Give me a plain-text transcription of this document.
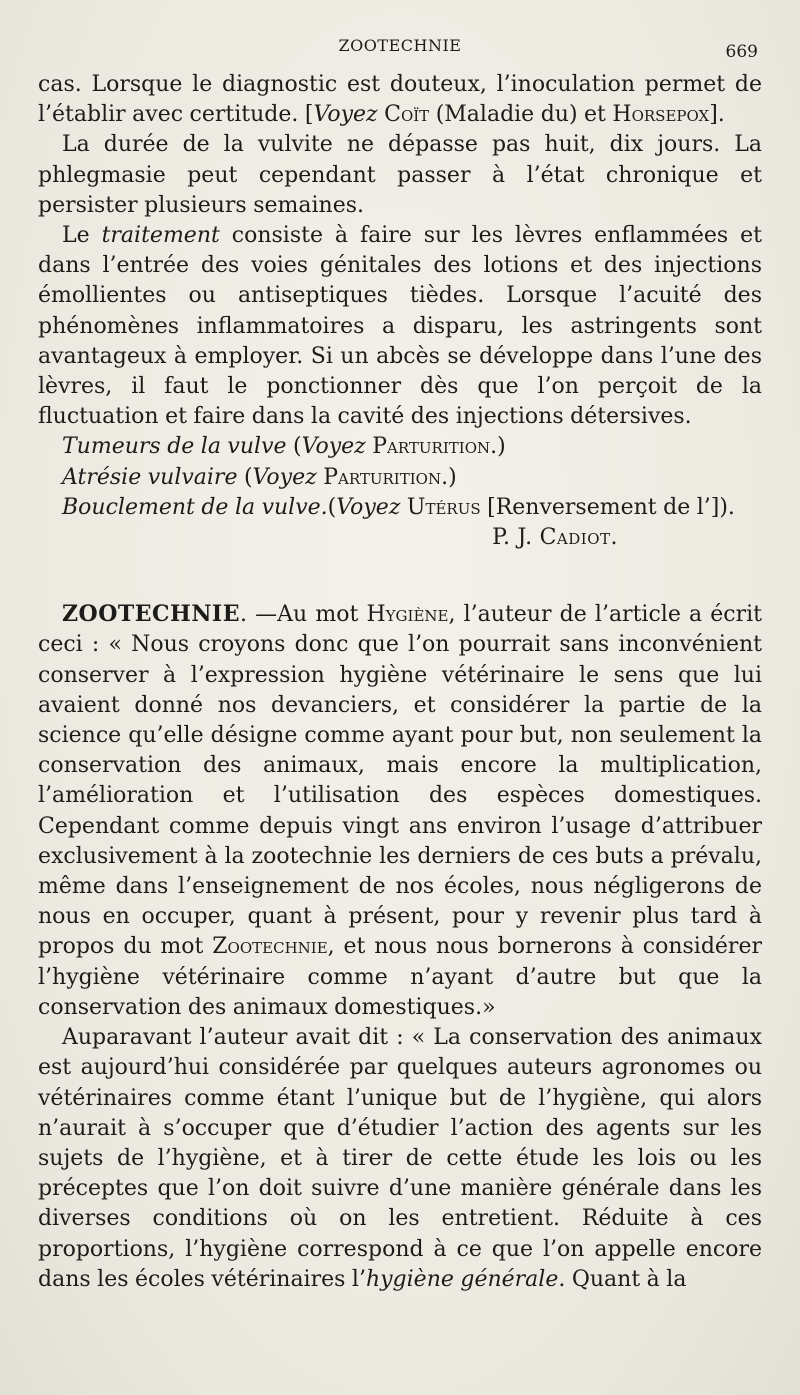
ZOOTECHNIE	669

cas. Lorsque le diagnostic est douteux, l’inoculation permet de l’établir avec certitude. [Voyez Coït (Maladie du) et Horsepox].

La durée de la vulvite ne dépasse pas huit, dix jours. La phlegmasie peut cependant passer à l’état chronique et persister plusieurs semaines.

Le traitement consiste à faire sur les lèvres enflammées et dans l’entrée des voies génitales des lotions et des injections émollientes ou antiseptiques tièdes. Lorsque l’acuité des phénomènes inflammatoires a disparu, les astringents sont avantageux à employer. Si un abcès se développe dans l’une des lèvres, il faut le ponctionner dès que l’on perçoit de la fluctuation et faire dans la cavité des injections détersives.

Tumeurs de la vulve (Voyez Parturition.)

Atrésie vulvaire (Voyez Parturition.)

Bouclement de la vulve.(Voyez Utérus [Renversement de l’]).

P. J. Cadiot.

ZOOTECHNIE. —Au mot Hygiène, l’auteur de l’article a écrit ceci : « Nous croyons donc que l’on pourrait sans inconvénient conserver à l’expression hygiène vétérinaire le sens que lui avaient donné nos devanciers, et considérer la partie de la science qu’elle désigne comme ayant pour but, non seulement la conservation des animaux, mais encore la multiplication, l’amélioration et l’utilisation des espèces domestiques. Cependant comme depuis vingt ans environ l’usage d’attribuer exclusivement à la zootechnie les derniers de ces buts a prévalu, même dans l’enseignement de nos écoles, nous négligerons de nous en occuper, quant à présent, pour y revenir plus tard à propos du mot Zootechnie, et nous nous bornerons à considérer l’hygiène vétérinaire comme n’ayant d’autre but que la conservation des animaux domestiques.»

Auparavant l’auteur avait dit : « La conservation des animaux est aujourd’hui considérée par quelques auteurs agronomes ou vétérinaires comme étant l’unique but de l’hygiène, qui alors n’aurait à s’occuper que d’étudier l’action des agents sur les sujets de l’hygiène, et à tirer de cette étude les lois ou les préceptes que l’on doit suivre d’une manière générale dans les diverses conditions où on les entretient. Réduite à ces proportions, l’hygiène correspond à ce que l’on appelle encore dans les écoles vétérinaires l’hygiène générale. Quant à la
